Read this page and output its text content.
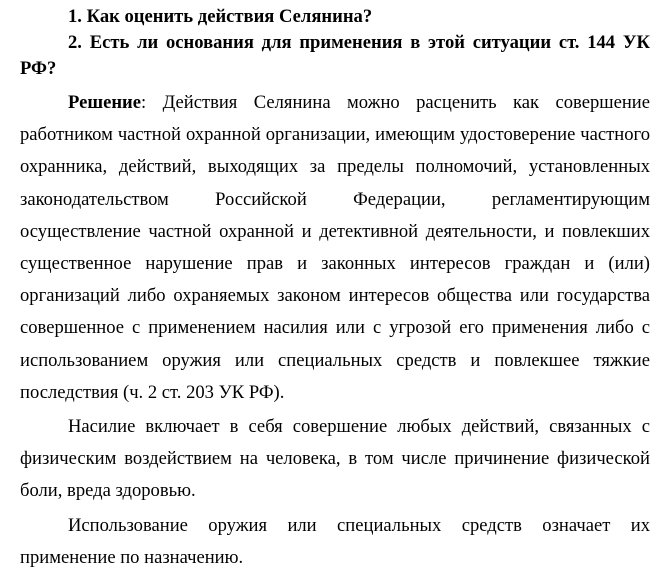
1. Как оценить действия Селянина?

2. Есть ли основания для применения в этой ситуации ст. 144 УК РФ?

Решение: Действия Селянина можно расценить как совершение работником частной охранной организации, имеющим удостоверение частного охранника, действий, выходящих за пределы полномочий, установленных законодательством Российской Федерации, регламентирующим осуществление частной охранной и детективной деятельности, и повлекших существенное нарушение прав и законных интересов граждан и (или) организаций либо охраняемых законом интересов общества или государства совершенное с применением насилия или с угрозой его применения либо с использованием оружия или специальных средств и повлекшее тяжкие последствия (ч. 2 ст. 203 УК РФ).

Насилие включает в себя совершение любых действий, связанных с физическим воздействием на человека, в том числе причинение физической боли, вреда здоровью.

Использование оружия или специальных средств означает их применение по назначению.
